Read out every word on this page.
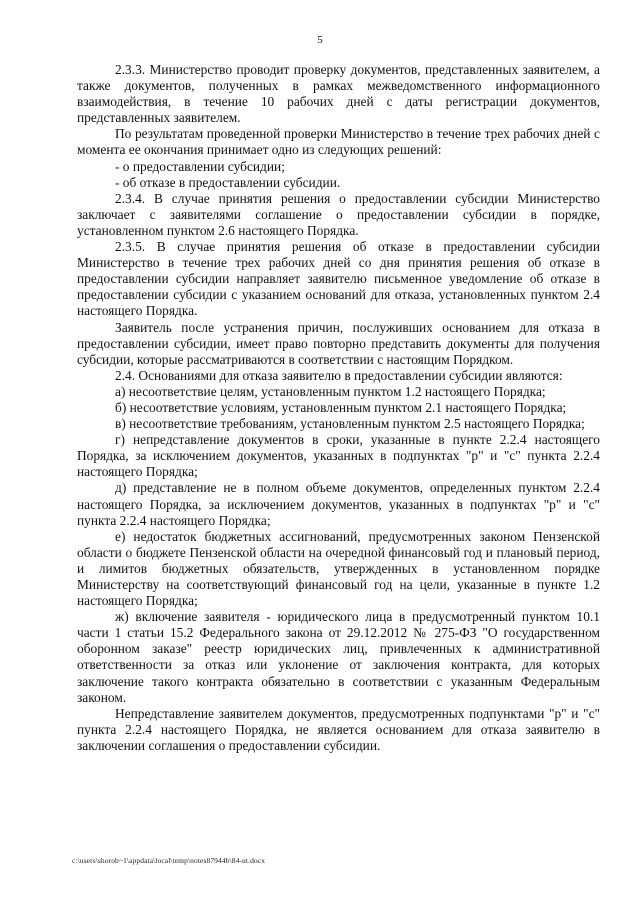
5

2.3.3. Министерство проводит проверку документов, представленных заявителем, а также документов, полученных в рамках межведомственного информационного взаимодействия, в течение 10 рабочих дней с даты регистрации документов, представленных заявителем.

По результатам проведенной проверки Министерство в течение трех рабочих дней с момента ее окончания принимает одно из следующих решений:

- о предоставлении субсидии;

- об отказе в предоставлении субсидии.

2.3.4. В случае принятия решения о предоставлении субсидии Министерство заключает с заявителями соглашение о предоставлении субсидии в порядке, установленном пунктом 2.6 настоящего Порядка.

2.3.5. В случае принятия решения об отказе в предоставлении субсидии Министерство в течение трех рабочих дней со дня принятия решения об отказе в предоставлении субсидии направляет заявителю письменное уведомление об отказе в предоставлении субсидии с указанием оснований для отказа, установленных пунктом 2.4 настоящего Порядка.

Заявитель после устранения причин, послуживших основанием для отказа в предоставлении субсидии, имеет право повторно представить документы для получения субсидии, которые рассматриваются в соответствии с настоящим Порядком.

2.4. Основаниями для отказа заявителю в предоставлении субсидии являются:

а) несоответствие целям, установленным пунктом 1.2 настоящего Порядка;

б) несоответствие условиям, установленным пунктом 2.1 настоящего Порядка;

в) несоответствие требованиям, установленным пунктом 2.5 настоящего Порядка;

г) непредставление документов в сроки, указанные в пункте 2.2.4 настоящего Порядка, за исключением документов, указанных в подпунктах "р" и "с" пункта 2.2.4 настоящего Порядка;

д) представление не в полном объеме документов, определенных пунктом 2.2.4 настоящего Порядка, за исключением документов, указанных в подпунктах "р" и "с" пункта 2.2.4 настоящего Порядка;

е) недостаток бюджетных ассигнований, предусмотренных законом Пензенской области о бюджете Пензенской области на очередной финансовый год и плановый период, и лимитов бюджетных обязательств, утвержденных в установленном порядке Министерству на соответствующий финансовый год на цели, указанные в пункте 1.2 настоящего Порядка;

ж) включение заявителя - юридического лица в предусмотренный пунктом 10.1 части 1 статьи 15.2 Федерального закона от 29.12.2012 № 275-ФЗ "О государственном оборонном заказе" реестр юридических лиц, привлеченных к административной ответственности за отказ или уклонение от заключения контракта, для которых заключение такого контракта обязательно в соответствии с указанным Федеральным законом.

Непредставление заявителем документов, предусмотренных подпунктами "р" и "с" пункта 2.2.4 настоящего Порядка, не является основанием для отказа заявителю в заключении соглашения о предоставлении субсидии.

c:\users\shorob~1\appdata\local\temp\notes87944b\84-ut.docx
